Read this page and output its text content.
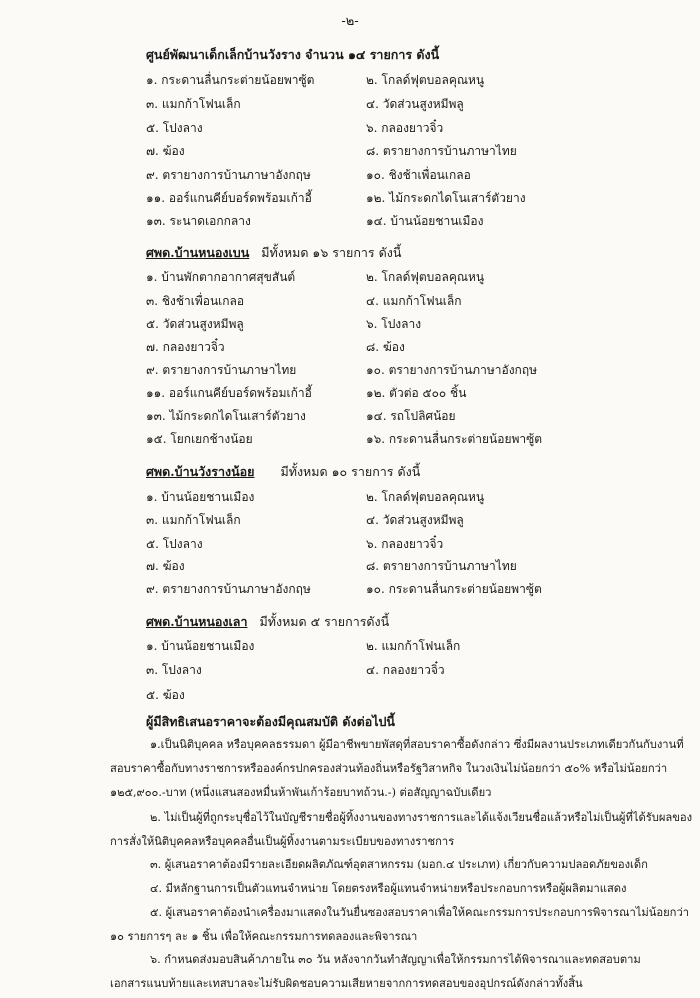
-๒-
ศูนย์พัฒนาเด็กเล็กบ้านวังราง จำนวน ๑๔ รายการ ดังนี้
๑. กระดานลื่นกระต่ายน้อยพาซู้ต	๒. โกลด์ฟุตบอลคุณหนู
๓. แมกก้าโฟนเล็ก	๔. วัดส่วนสูงหมีพลู
๕. โปงลาง	๖. กลองยาวจิ๋ว
๗. ฆ้อง	๘. ตรายางการบ้านภาษาไทย
๙. ตรายางการบ้านภาษาอังกฤษ	๑๐. ชิงช้าเพื่อนเกลอ
๑๑. ออร์แกนคีย์บอร์ดพร้อมเก้าอี้	๑๒. ไม้กระดกไดโนเสาร์ตัวยาง
๑๓. ระนาดเอกกลาง	๑๔. บ้านน้อยชานเมือง
ศพด.บ้านหนองเบน มีทั้งหมด ๑๖ รายการ ดังนี้
๑. บ้านพักตากอากาศสุขสันต์	๒. โกลด์ฟุตบอลคุณหนู
๓. ชิงช้าเพื่อนเกลอ	๔. แมกก้าโฟนเล็ก
๕. วัดส่วนสูงหมีพลู	๖. โปงลาง
๗. กลองยาวจิ๋ว	๘. ฆ้อง
๙. ตรายางการบ้านภาษาไทย	๑๐. ตรายางการบ้านภาษาอังกฤษ
๑๑. ออร์แกนคีย์บอร์ดพร้อมเก้าอี้	๑๒. ตัวต่อ ๕๐๐ ชิ้น
๑๓. ไม้กระดกไดโนเสาร์ตัวยาง	๑๔. รถโปลิศน้อย
๑๕. โยกเยกช้างน้อย	๑๖. กระดานลื่นกระต่ายน้อยพาซู้ต
ศพด.บ้านวังรางน้อย มีทั้งหมด ๑๐ รายการ ดังนี้
๑. บ้านน้อยชานเมือง	๒. โกลด์ฟุตบอลคุณหนู
๓. แมกก้าโฟนเล็ก	๔. วัดส่วนสูงหมีพลู
๕. โปงลาง	๖. กลองยาวจิ๋ว
๗. ฆ้อง	๘. ตรายางการบ้านภาษาไทย
๙. ตรายางการบ้านภาษาอังกฤษ	๑๐. กระดานลื่นกระต่ายน้อยพาซู้ต
ศพด.บ้านหนองเลา มีทั้งหมด ๕ รายการดังนี้
๑. บ้านน้อยชานเมือง	๒. แมกก้าโฟนเล็ก
๓. โปงลาง	๔. กลองยาวจิ๋ว
๕. ฆ้อง
ผู้มีสิทธิเสนอราคาจะต้องมีคุณสมบัติ ดังต่อไปนี้
๑.เป็นนิติบุคคล หรือบุคคลธรรมดา ผู้มีอาชีพขายพัสดุที่สอบราคาซื้อดังกล่าว ซึ่งมีผลงานประเภทเดียวกันกับงานที่
สอบราคาซื้อกับทางราชการหรือองค์กรปกครองส่วนท้องถิ่นหรือรัฐวิสาหกิจ ในวงเงินไม่น้อยกว่า ๕๐% หรือไม่น้อยกว่า
๑๒๕,๙๐๐.-บาท (หนึ่งแสนสองหมื่นห้าพันเก้าร้อยบาทถ้วน.-) ต่อสัญญาฉบับเดียว
๒. ไม่เป็นผู้ที่ถูกระบุชื่อไว้ในบัญชีรายชื่อผู้ทิ้งงานของทางราชการและได้แจ้งเวียนชื่อแล้วหรือไม่เป็นผู้ที่ได้รับผลของ
การสั่งให้นิติบุคคลหรือบุคคลอื่นเป็นผู้ทิ้งงานตามระเบียบของทางราชการ
๓. ผู้เสนอราคาต้องมีรายละเอียดผลิตภัณฑ์อุตสาหกรรม (มอก.๔ ประเภท) เกี่ยวกับความปลอดภัยของเด็ก
๔. มีหลักฐานการเป็นตัวแทนจำหน่าย โดยตรงหรือผู้แทนจำหน่ายหรือประกอบการหรือผู้ผลิตมาแสดง
๕. ผู้เสนอราคาต้องนำเครื่องมาแสดงในวันยื่นซองสอบราคาเพื่อให้คณะกรรมการประกอบการพิจารณาไม่น้อยกว่า
๑๐ รายการๆ ละ ๑ ชิ้น เพื่อให้คณะกรรมการทดลองและพิจารณา
๖. กำหนดส่งมอบสินค้าภายใน ๓๐ วัน หลังจากวันทำสัญญาเพื่อให้กรรมการได้พิจารณาและทดสอบตาม
เอกสารแนบท้ายและเทสบาลจะไม่รับผิดชอบความเสียหายจากการทดสอบของอุปกรณ์ดังกล่าวทั้งสิ้น
